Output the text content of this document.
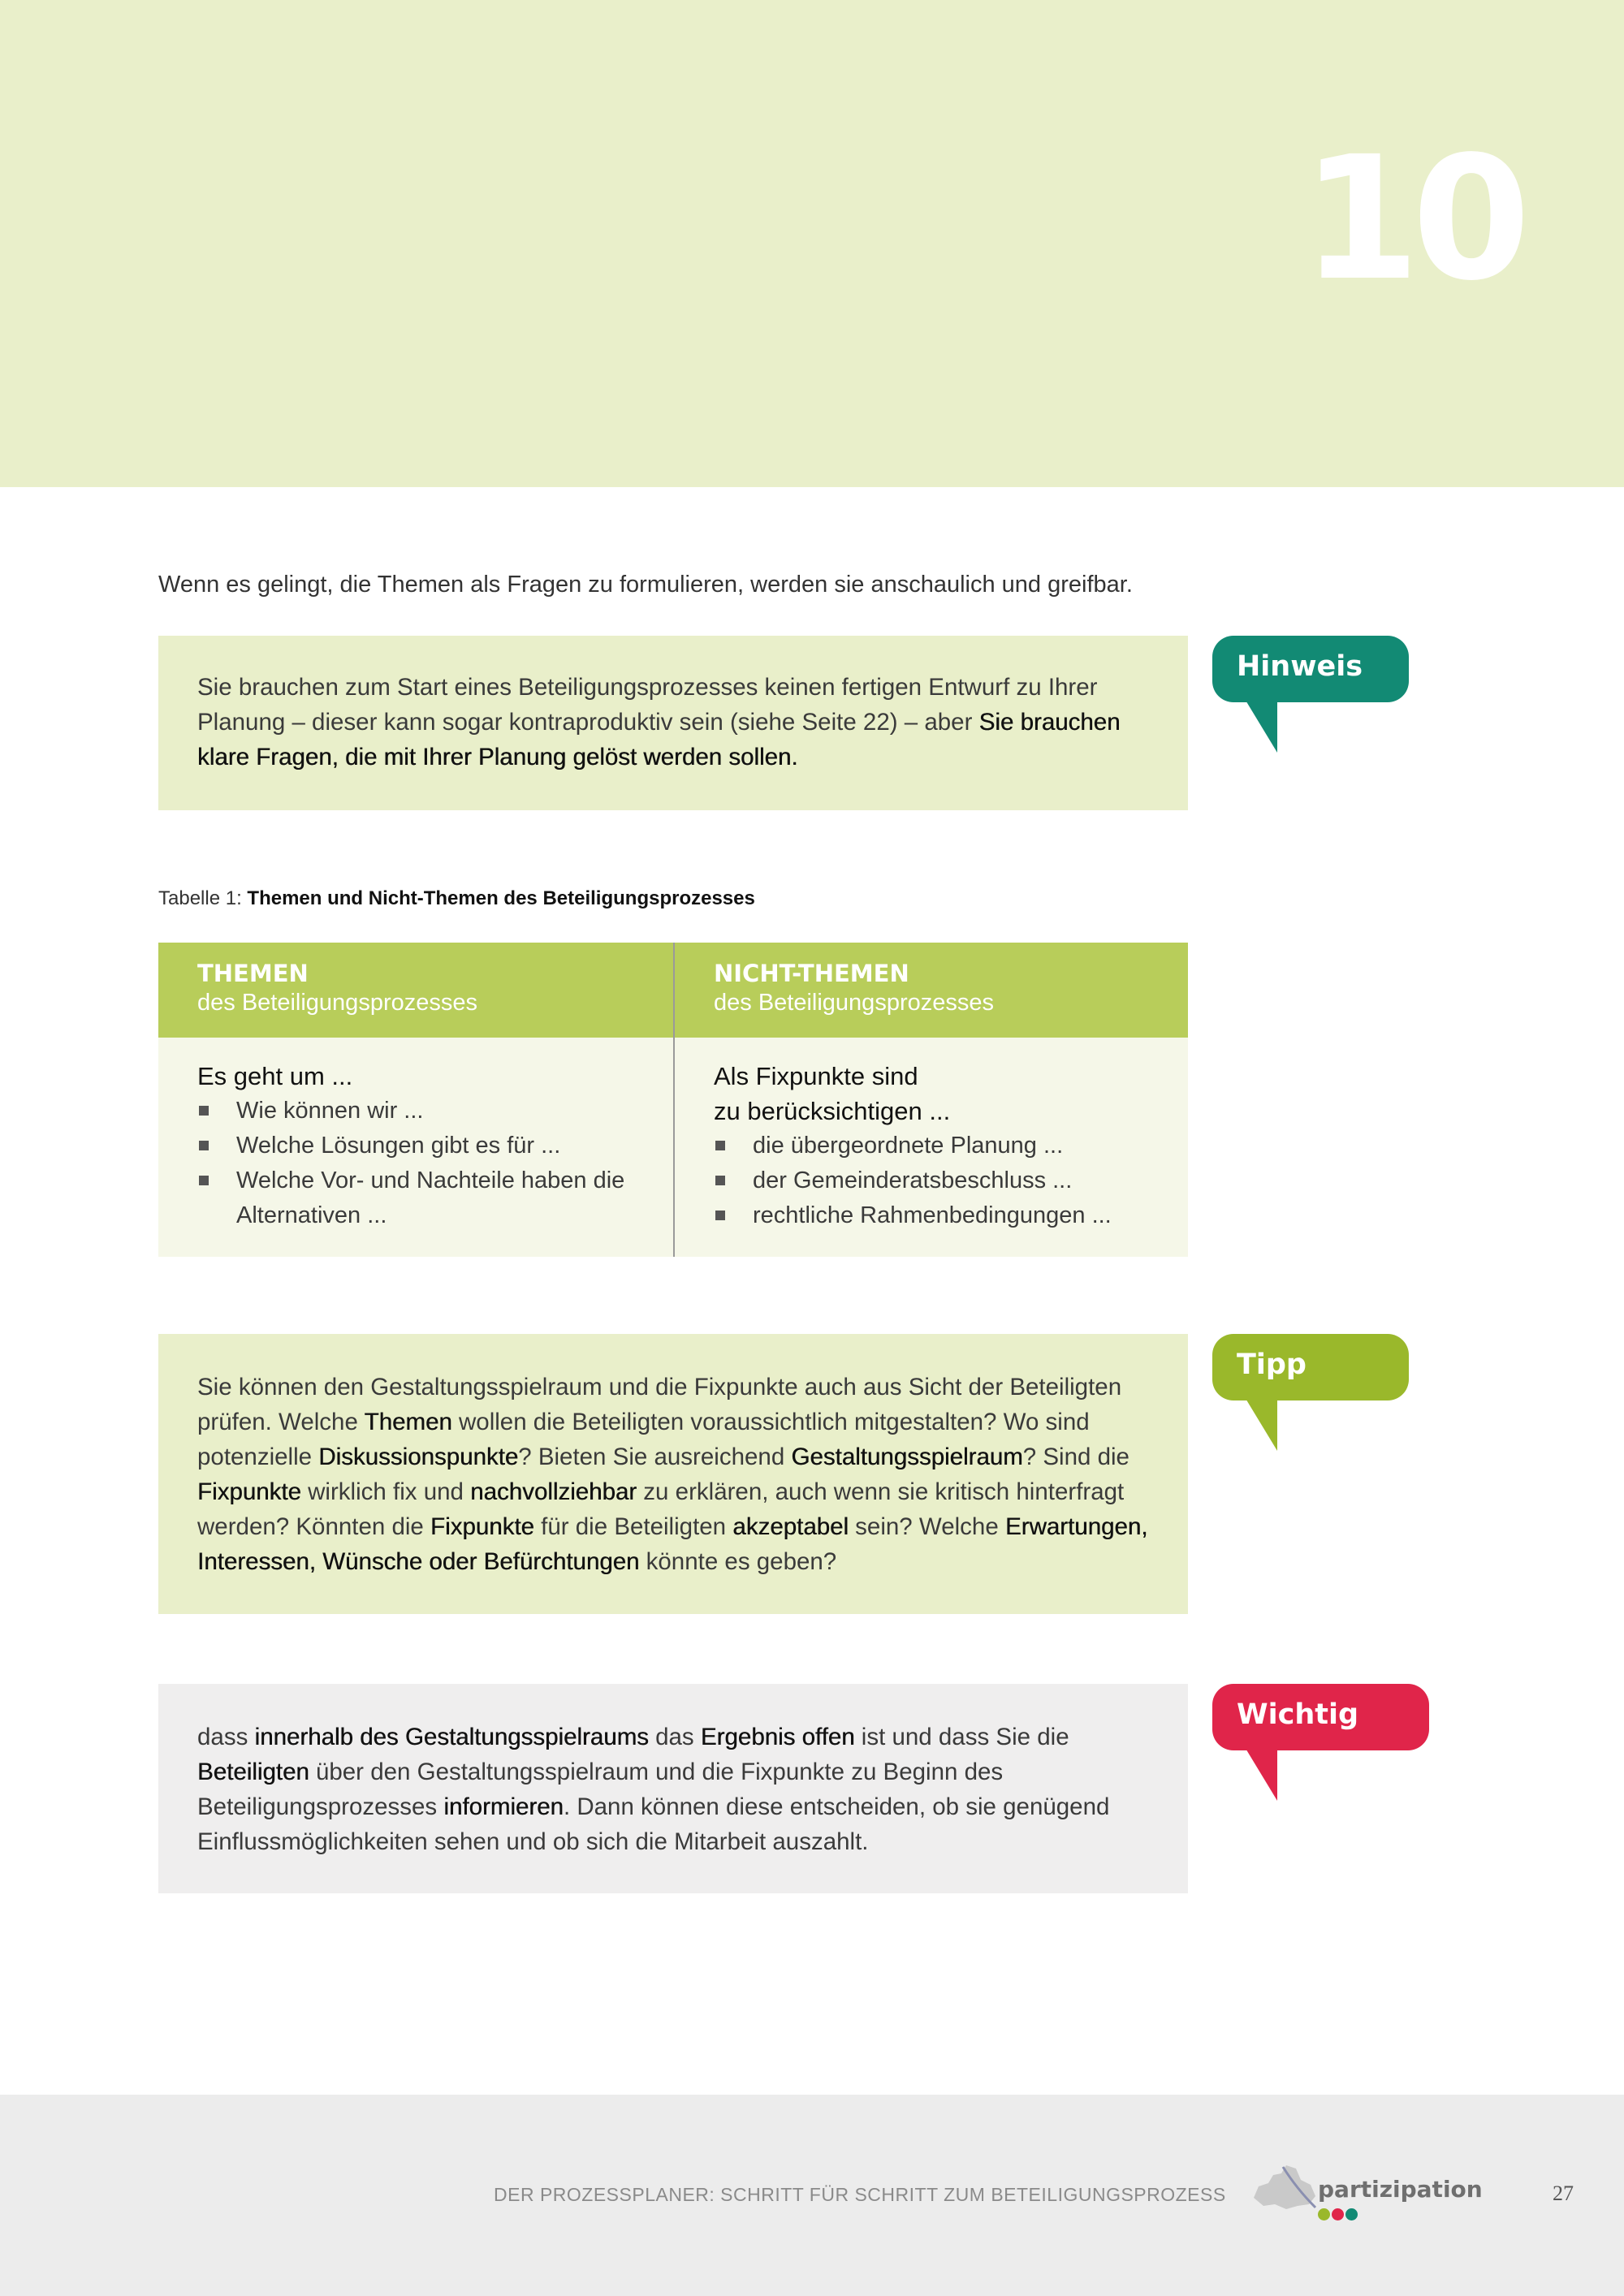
10
Wenn es gelingt, die Themen als Fragen zu formulieren, werden sie anschaulich und greifbar.
Sie brauchen zum Start eines Beteiligungsprozesses keinen fertigen Entwurf zu Ihrer Planung – dieser kann sogar kontraproduktiv sein (siehe Seite 22) – aber Sie brauchen klare Fragen, die mit Ihrer Planung gelöst werden sollen.
Hinweis
Tabelle 1: Themen und Nicht-Themen des Beteiligungsprozesses
THEMEN
des Beteiligungsprozesses
Es geht um ...
Wie können wir ...
Welche Lösungen gibt es für ...
Welche Vor- und Nachteile haben die Alternativen ...
NICHT-THEMEN
des Beteiligungsprozesses
Als Fixpunkte sind
zu berücksichtigen ...
die übergeordnete Planung ...
der Gemeinderatsbeschluss ...
rechtliche Rahmenbedingungen ...
Sie können den Gestaltungsspielraum und die Fixpunkte auch aus Sicht der Beteiligten prüfen. Welche Themen wollen die Beteiligten voraussichtlich mitgestalten? Wo sind potenzielle Diskussionspunkte? Bieten Sie ausreichend Gestaltungsspielraum? Sind die Fixpunkte wirklich fix und nachvollziehbar zu erklären, auch wenn sie kritisch hinterfragt werden? Könnten die Fixpunkte für die Beteiligten akzeptabel sein? Welche Erwartungen, Interessen, Wünsche oder Befürchtungen könnte es geben?
Tipp
dass innerhalb des Gestaltungsspielraums das Ergebnis offen ist und dass Sie die Beteiligten über den Gestaltungsspielraum und die Fixpunkte zu Beginn des Beteiligungsprozesses informieren. Dann können diese entscheiden, ob sie genügend Einflussmöglichkeiten sehen und ob sich die Mitarbeit auszahlt.
Wichtig ist,
DER PROZESSPLANER: SCHRITT FÜR SCHRITT ZUM BETEILIGUNGSPROZESS	partizipation	27
